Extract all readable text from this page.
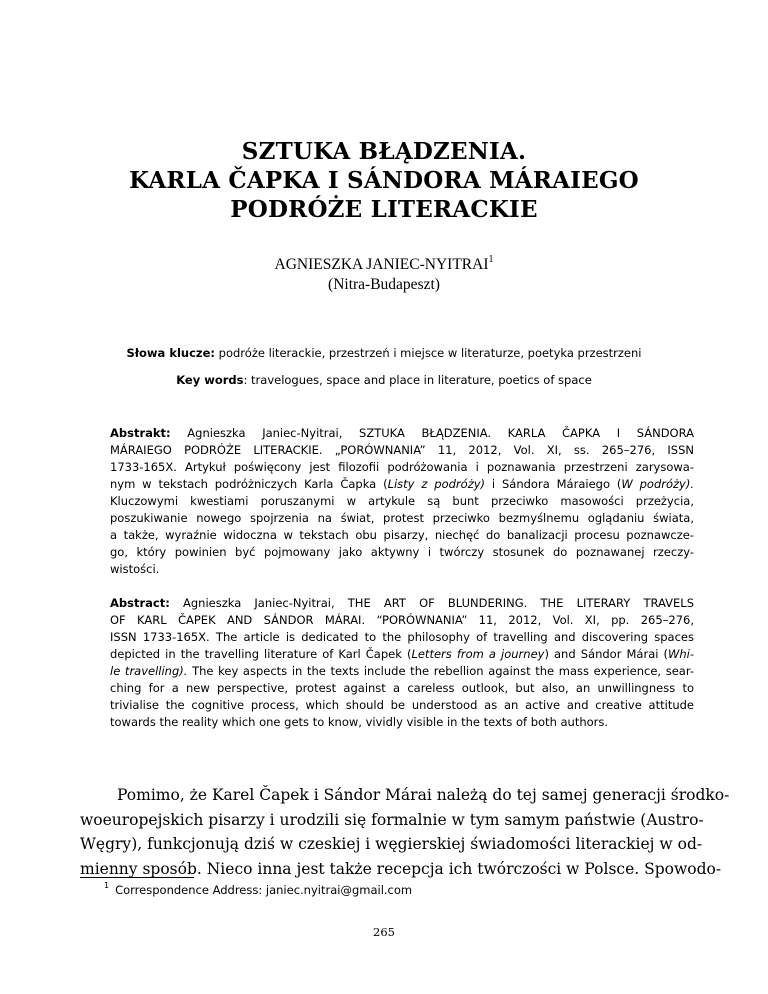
SZTUKA BŁĄDZENIA.
KARLA ČAPKA I SÁNDORA MÁRAIEGO
PODRÓŻE LITERACKIE
AGNIESZKA JANIEC-NYITRAI$^1$
(Nitra-Budapeszt)
Słowa klucze: podróże literackie, przestrzeń i miejsce w literaturze, poetyka przestrzeni
Key words: travelogues, space and place in literature, poetics of space
Abstrakt: Agnieszka Janiec-Nyitrai, SZTUKA BŁĄDZENIA. KARLA ČAPKA I SÁNDORA
MÁRAIEGO PODRÓŻE LITERACKIE. „PORÓWNANIA” 11, 2012, Vol. XI, ss. 265–276, ISSN
1733-165X. Artykuł poświęcony jest filozofii podróżowania i poznawania przestrzeni zarysowa-
nym w tekstach podróżniczych Karla Čapka (Listy z podróży) i Sándora Máraiego (W podróży).
Kluczowymi kwestiami poruszanymi w artykule są bunt przeciwko masowości przeżycia,
poszukiwanie nowego spojrzenia na świat, protest przeciwko bezmyślnemu oglądaniu świata,
a także, wyraźnie widoczna w tekstach obu pisarzy, niechęć do banalizacji procesu poznawcze-
go, który powinien być pojmowany jako aktywny i twórczy stosunek do poznawanej rzeczy-
wistości.
Abstract: Agnieszka Janiec-Nyitrai, THE ART OF BLUNDERING. THE LITERARY TRAVELS
OF KARL ČAPEK AND SÁNDOR MÁRAI. “PORÓWNANIA” 11, 2012, Vol. XI, pp. 265–276,
ISSN 1733-165X. The article is dedicated to the philosophy of travelling and discovering spaces
depicted in the travelling literature of Karl Čapek (Letters from a journey) and Sándor Márai (Whi-
le travelling). The key aspects in the texts include the rebellion against the mass experience, sear-
ching for a new perspective, protest against a careless outlook, but also, an unwillingness to
trivialise the cognitive process, which should be understood as an active and creative attitude
towards the reality which one gets to know, vividly visible in the texts of both authors.
Pomimo, że Karel Čapek i Sándor Márai należą do tej samej generacji środko-
woeuropejskich pisarzy i urodzili się formalnie w tym samym państwie (Austro-
Węgry), funkcjonują dziś w czeskiej i węgierskiej świadomości literackiej w od-
mienny sposób. Nieco inna jest także recepcja ich twórczości w Polsce. Spowodo-
$^1$ Correspondence Address: janiec.nyitrai@gmail.com
265
